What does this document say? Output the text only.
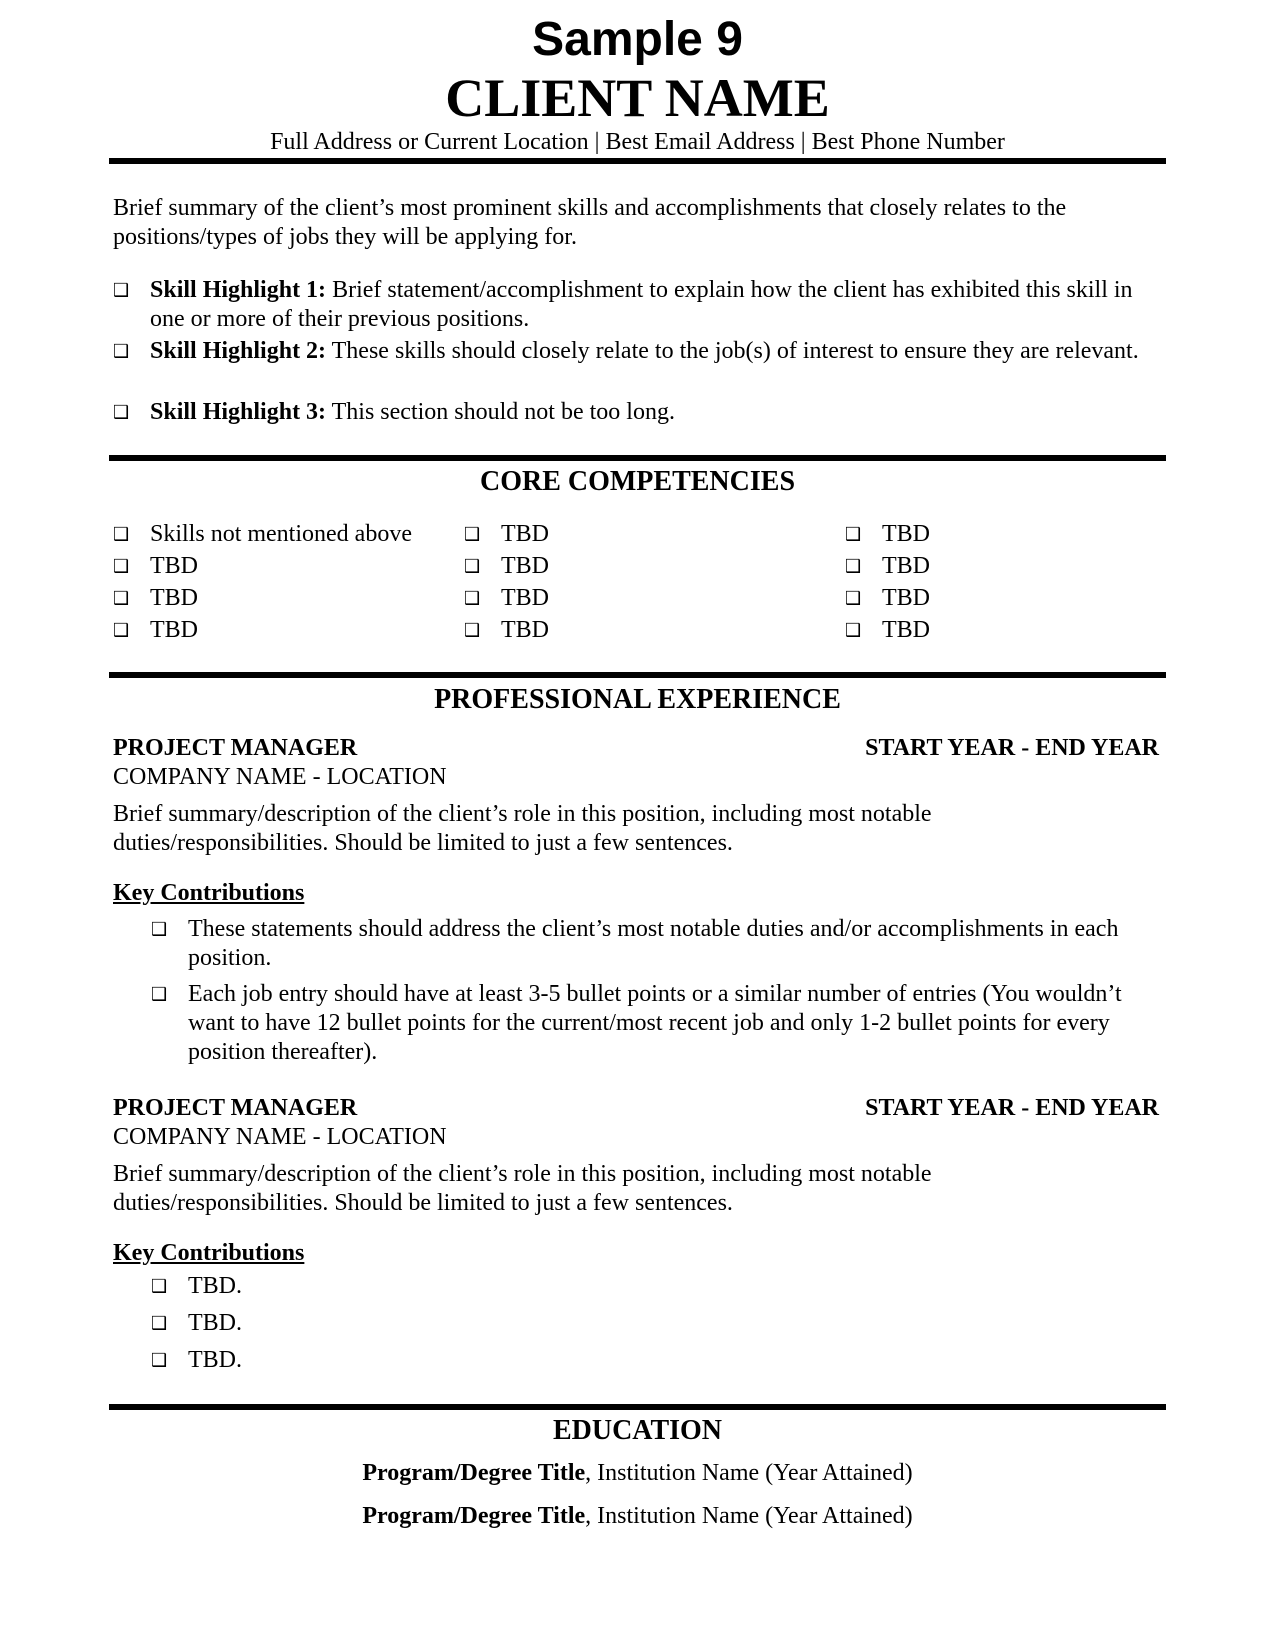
Sample 9
CLIENT NAME
Full Address or Current Location | Best Email Address | Best Phone Number
Brief summary of the client’s most prominent skills and accomplishments that closely relates to the positions/types of jobs they will be applying for.
❑ Skill Highlight 1: Brief statement/accomplishment to explain how the client has exhibited this skill in one or more of their previous positions.
❑ Skill Highlight 2: These skills should closely relate to the job(s) of interest to ensure they are relevant.
❑ Skill Highlight 3: This section should not be too long.
CORE COMPETENCIES
❑ Skills not mentioned above
❑ TBD
❑ TBD
❑ TBD
❑ TBD
❑ TBD
❑ TBD
❑ TBD
❑ TBD
❑ TBD
❑ TBD
❑ TBD
PROFESSIONAL EXPERIENCE
PROJECT MANAGER	START YEAR - END YEAR
COMPANY NAME - LOCATION
Brief summary/description of the client’s role in this position, including most notable duties/responsibilities. Should be limited to just a few sentences.
Key Contributions
❑ These statements should address the client’s most notable duties and/or accomplishments in each position.
❑ Each job entry should have at least 3-5 bullet points or a similar number of entries (You wouldn’t want to have 12 bullet points for the current/most recent job and only 1-2 bullet points for every position thereafter).
PROJECT MANAGER	START YEAR - END YEAR
COMPANY NAME - LOCATION
Brief summary/description of the client’s role in this position, including most notable duties/responsibilities. Should be limited to just a few sentences.
Key Contributions
❑ TBD.
❑ TBD.
❑ TBD.
EDUCATION
Program/Degree Title, Institution Name (Year Attained)
Program/Degree Title, Institution Name (Year Attained)
